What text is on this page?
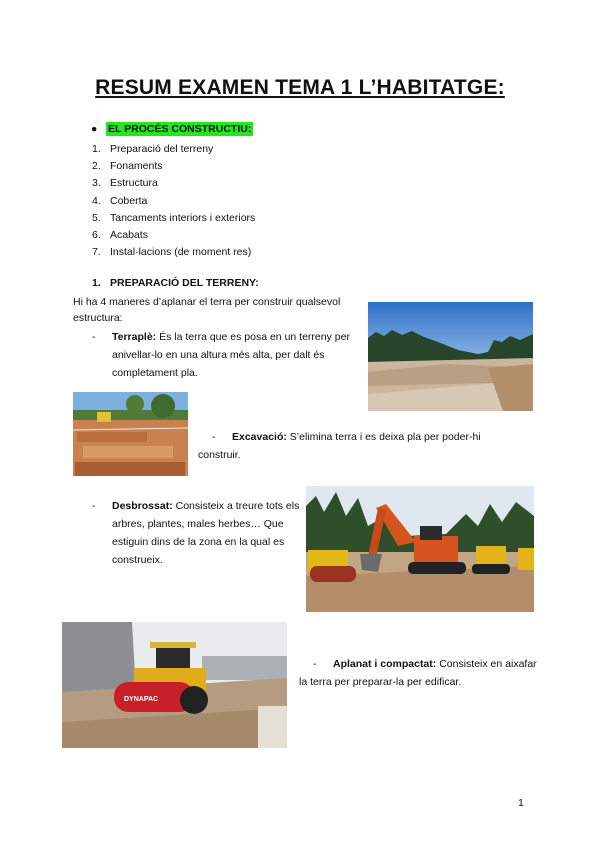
RESUM EXAMEN TEMA 1 L’HABITATGE:
● EL PROCÉS CONSTRUCTIU:
1. Preparació del terreny
2. Fonaments
3. Estructura
4. Coberta
5. Tancaments interiors i exteriors
6. Acabats
7. Instal·lacions (de moment res)
1. PREPARACIÓ DEL TERRENY:
Hi ha 4 maneres d’aplanar el terra per construir qualsevol estructura:
-	Terraplè: És la terra que es posa en un terreny per anivellar-lo en una altura més alta, per dalt és completament pla.
- Excavació: S’elimina terra i es deixa pla per poder-hi construir.
-	Desbrossat: Consisteix a treure tots els arbres, plantes, males herbes… Que estiguin dins de la zona en la qual es construeix.
DYNAPAC
- Aplanat i compactat: Consisteix en aixafar la terra per preparar-la per edificar.
1
